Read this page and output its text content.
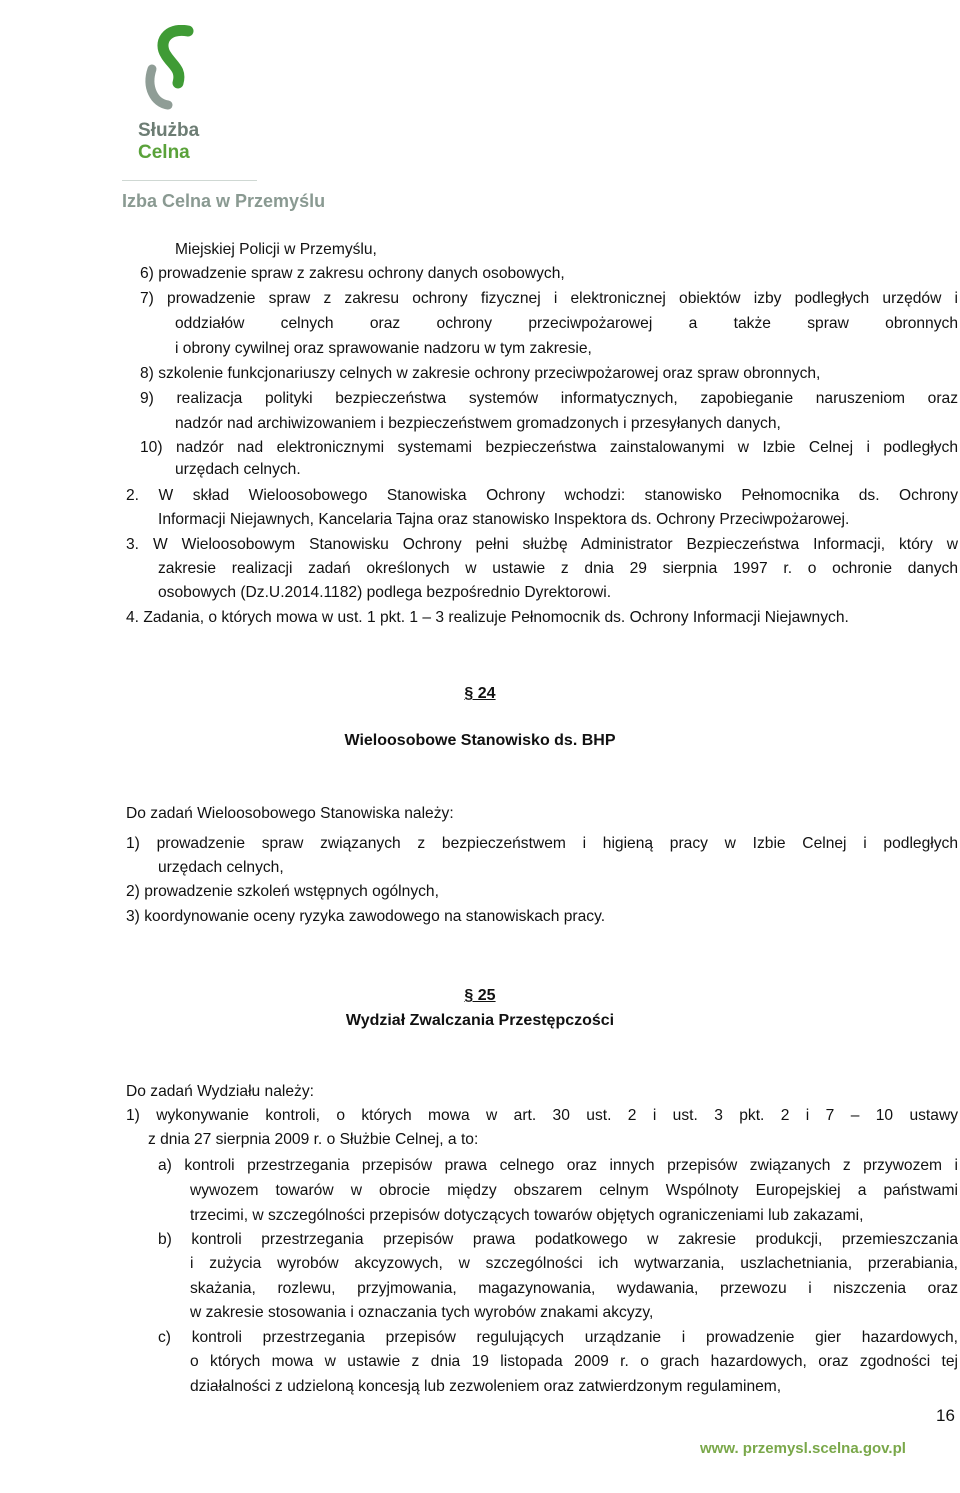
Służba
Celna
Izba Celna w Przemyślu
Miejskiej Policji w Przemyślu,
6) prowadzenie spraw z zakresu ochrony danych osobowych,
7) prowadzenie spraw z zakresu ochrony fizycznej i elektronicznej obiektów izby podległych urzędów i
oddziałów celnych oraz ochrony przeciwpożarowej a także spraw obronnych
i obrony cywilnej oraz sprawowanie nadzoru w tym zakresie,
8) szkolenie funkcjonariuszy celnych w zakresie ochrony przeciwpożarowej oraz spraw obronnych,
9) realizacja polityki bezpieczeństwa systemów informatycznych, zapobieganie naruszeniom oraz
nadzór nad archiwizowaniem i bezpieczeństwem gromadzonych i przesyłanych danych,
10) nadzór nad elektronicznymi systemami bezpieczeństwa zainstalowanymi w Izbie Celnej i podległych
urzędach celnych.
2. W skład Wieloosobowego Stanowiska Ochrony wchodzi: stanowisko Pełnomocnika ds. Ochrony
Informacji Niejawnych, Kancelaria Tajna oraz stanowisko Inspektora ds. Ochrony Przeciwpożarowej.
3. W Wieloosobowym Stanowisku Ochrony pełni służbę Administrator Bezpieczeństwa Informacji, który w
zakresie realizacji zadań określonych w ustawie z dnia 29 sierpnia 1997 r. o ochronie danych
osobowych (Dz.U.2014.1182) podlega bezpośrednio Dyrektorowi.
4. Zadania, o których mowa w ust. 1 pkt. 1 – 3 realizuje Pełnomocnik ds. Ochrony Informacji Niejawnych.
§ 24
Wieloosobowe Stanowisko ds. BHP
Do zadań Wieloosobowego Stanowiska należy:
1) prowadzenie spraw związanych z bezpieczeństwem i higieną pracy w Izbie Celnej i podległych
urzędach celnych,
2) prowadzenie szkoleń wstępnych ogólnych,
3) koordynowanie oceny ryzyka zawodowego na stanowiskach pracy.
§ 25
Wydział Zwalczania Przestępczości
Do zadań Wydziału należy:
1) wykonywanie kontroli, o których mowa w art. 30 ust. 2 i ust. 3 pkt. 2 i 7 – 10 ustawy
z dnia 27 sierpnia 2009 r. o Służbie Celnej, a to:
a) kontroli przestrzegania przepisów prawa celnego oraz innych przepisów związanych z przywozem i
wywozem towarów w obrocie między obszarem celnym Wspólnoty Europejskiej a państwami
trzecimi, w szczególności przepisów dotyczących towarów objętych ograniczeniami lub zakazami,
b) kontroli przestrzegania przepisów prawa podatkowego w zakresie produkcji, przemieszczania
i zużycia wyrobów akcyzowych, w szczególności ich wytwarzania, uszlachetniania, przerabiania,
skażania, rozlewu, przyjmowania, magazynowania, wydawania, przewozu i niszczenia oraz
w zakresie stosowania i oznaczania tych wyrobów znakami akcyzy,
c) kontroli przestrzegania przepisów regulujących urządzanie i prowadzenie gier hazardowych,
o których mowa w ustawie z dnia 19 listopada 2009 r. o grach hazardowych, oraz zgodności tej
działalności z udzieloną koncesją lub zezwoleniem oraz zatwierdzonym regulaminem,
16
www. przemysl.scelna.gov.pl
